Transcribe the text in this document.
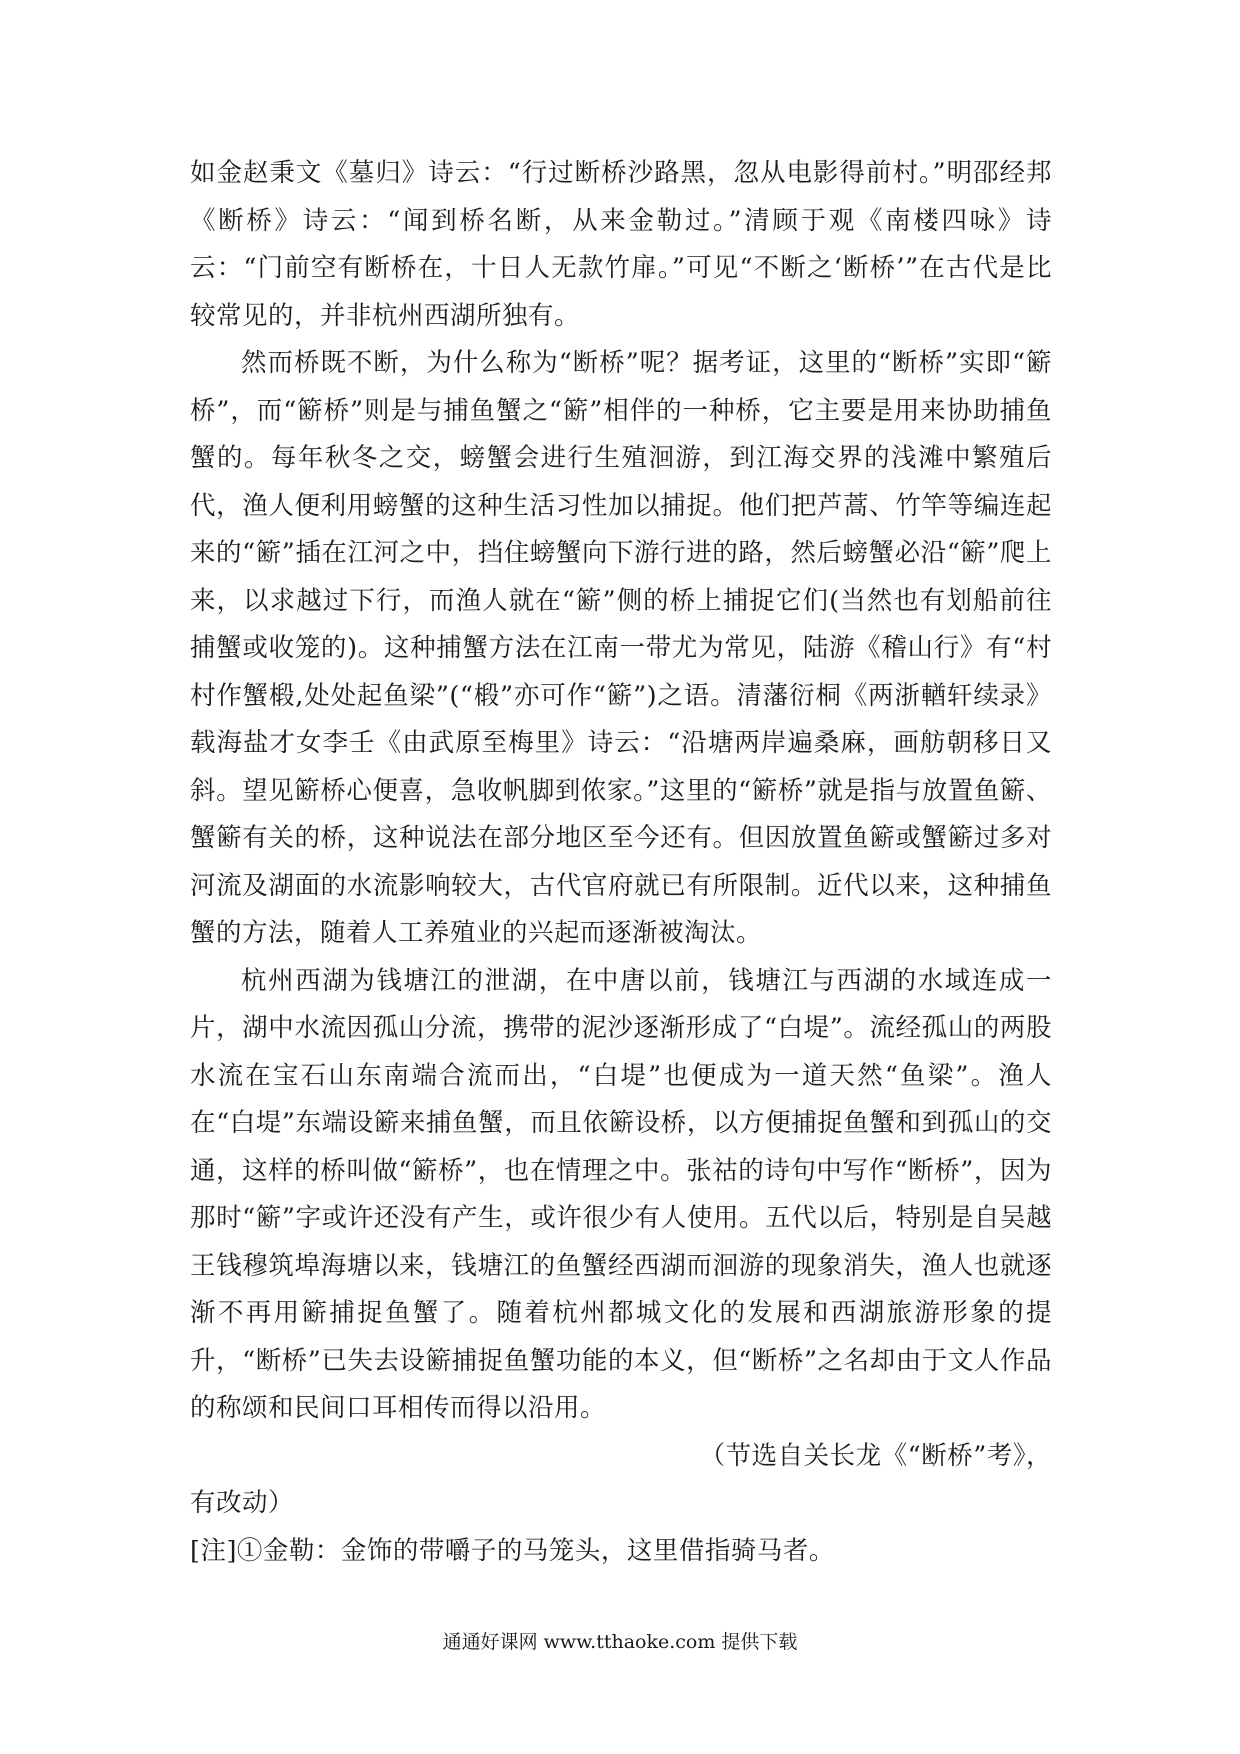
如金赵秉文《墓归》诗云：“行过断桥沙路黑，忽从电影得前村。”明邵经邦《断桥》诗云：“闻到桥名断，从来金勒过。”清顾于观《南楼四咏》诗云：“门前空有断桥在，十日人无款竹扉。”可见“不断之‘断桥’”在古代是比较常见的，并非杭州西湖所独有。

然而桥既不断，为什么称为“断桥”呢？据考证，这里的“断桥”实即“簖桥”，而“簖桥”则是与捕鱼蟹之“簖”相伴的一种桥，它主要是用来协助捕鱼蟹的。每年秋冬之交，螃蟹会进行生殖洄游，到江海交界的浅滩中繁殖后代，渔人便利用螃蟹的这种生活习性加以捕捉。他们把芦蒿、竹竿等编连起来的“簖”插在江河之中，挡住螃蟹向下游行进的路，然后螃蟹必沿“簖”爬上来，以求越过下行，而渔人就在“簖”侧的桥上捕捉它们(当然也有划船前往捕蟹或收笼的)。这种捕蟹方法在江南一带尤为常见，陆游《稽山行》有“村村作蟹椴,处处起鱼梁”(“椴”亦可作“簖”)之语。清藩衍桐《两浙輶轩续录》载海盐才女李壬《由武原至梅里》诗云：“沿塘两岸遍桑麻，画舫朝移日又斜。望见簖桥心便喜，急收帆脚到侬家。”这里的“簖桥”就是指与放置鱼簖、蟹簖有关的桥，这种说法在部分地区至今还有。但因放置鱼簖或蟹簖过多对河流及湖面的水流影响较大，古代官府就已有所限制。近代以来，这种捕鱼蟹的方法，随着人工养殖业的兴起而逐渐被淘汰。

杭州西湖为钱塘江的泄湖，在中唐以前，钱塘江与西湖的水域连成一片，湖中水流因孤山分流，携带的泥沙逐渐形成了“白堤”。流经孤山的两股水流在宝石山东南端合流而出，“白堤”也便成为一道天然“鱼梁”。渔人在“白堤”东端设簖来捕鱼蟹，而且依簖设桥，以方便捕捉鱼蟹和到孤山的交通，这样的桥叫做“簖桥”，也在情理之中。张祜的诗句中写作“断桥”，因为那时“簖”字或许还没有产生，或许很少有人使用。五代以后，特别是自吴越王钱穆筑埠海塘以来，钱塘江的鱼蟹经西湖而洄游的现象消失，渔人也就逐渐不再用簖捕捉鱼蟹了。随着杭州都城文化的发展和西湖旅游形象的提升，“断桥”已失去设簖捕捉鱼蟹功能的本义，但“断桥”之名却由于文人作品的称颂和民间口耳相传而得以沿用。

（节选自关长龙《“断桥”考》，

有改动）

[注]①金勒：金饰的带嚼子的马笼头，这里借指骑马者。

通通好课网 www.tthaoke.com 提供下载
